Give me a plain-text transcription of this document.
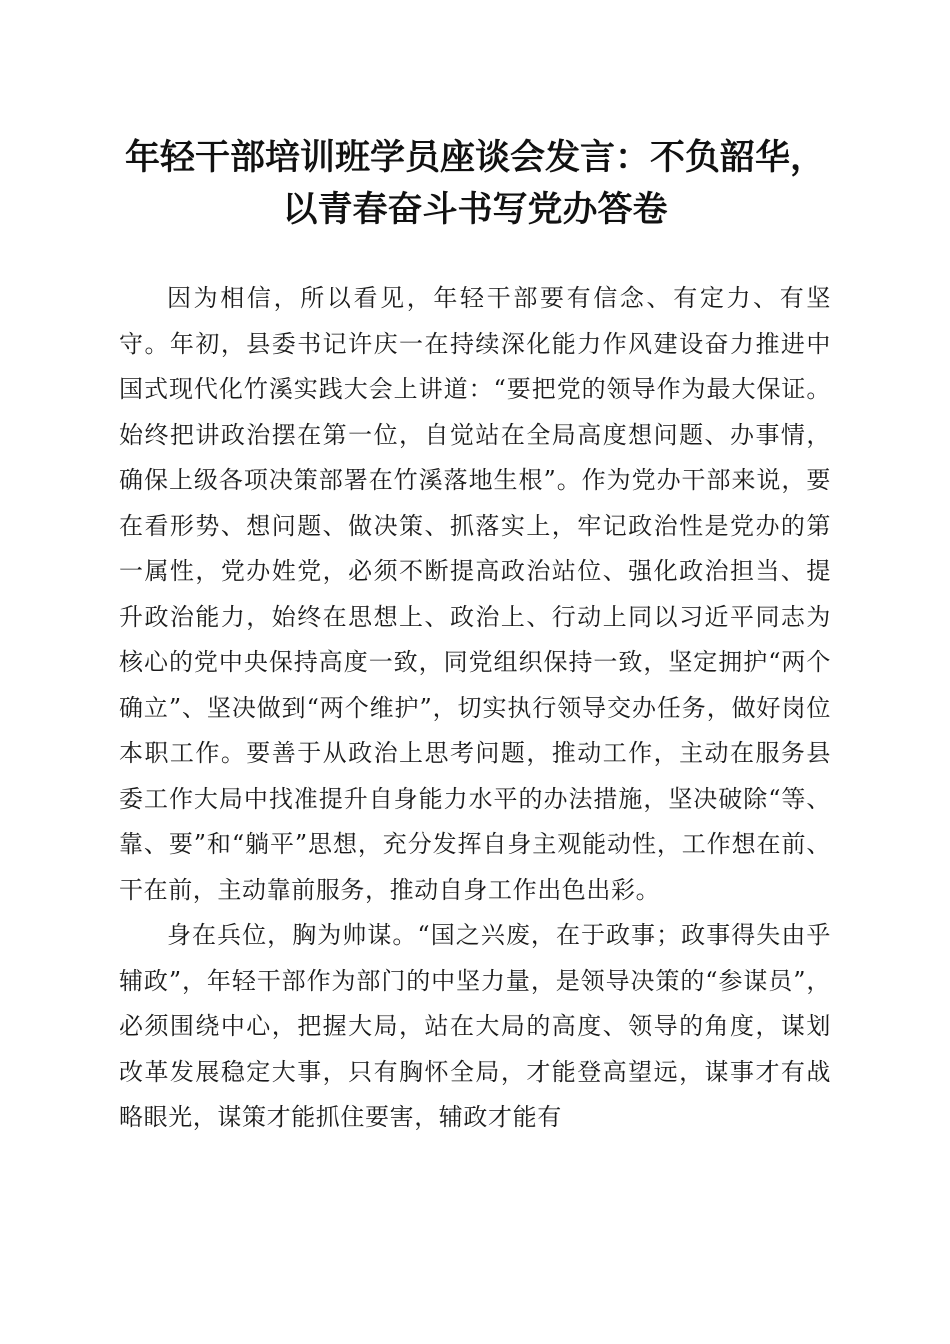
年轻干部培训班学员座谈会发言：不负韶华，
以青春奋斗书写党办答卷

因为相信，所以看见，年轻干部要有信念、有定力、有坚守。年初，县委书记许庆一在持续深化能力作风建设奋力推进中国式现代化竹溪实践大会上讲道：“要把党的领导作为最大保证。始终把讲政治摆在第一位，自觉站在全局高度想问题、办事情，确保上级各项决策部署在竹溪落地生根”。作为党办干部来说，要在看形势、想问题、做决策、抓落实上，牢记政治性是党办的第一属性，党办姓党，必须不断提高政治站位、强化政治担当、提升政治能力，始终在思想上、政治上、行动上同以习近平同志为核心的党中央保持高度一致，同党组织保持一致，坚定拥护“两个确立”、坚决做到“两个维护”，切实执行领导交办任务，做好岗位本职工作。要善于从政治上思考问题，推动工作，主动在服务县委工作大局中找准提升自身能力水平的办法措施，坚决破除“等、靠、要”和“躺平”思想，充分发挥自身主观能动性，工作想在前、干在前，主动靠前服务，推动自身工作出色出彩。

身在兵位，胸为帅谋。“国之兴废，在于政事；政事得失由乎辅政”，年轻干部作为部门的中坚力量，是领导决策的“参谋员”，必须围绕中心，把握大局，站在大局的高度、领导的角度，谋划改革发展稳定大事，只有胸怀全局，才能登高望远，谋事才有战略眼光，谋策才能抓住要害，辅政才能有
